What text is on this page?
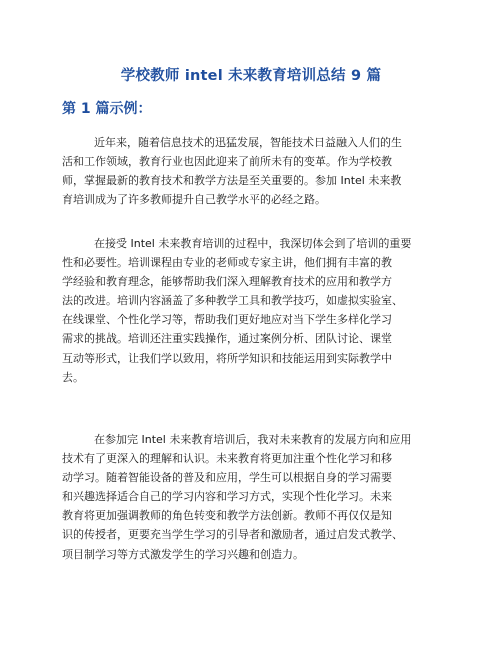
学校教师 intel 未来教育培训总结 9 篇
第 1 篇示例：

近年来，随着信息技术的迅猛发展，智能技术日益融入人们的生
活和工作领域，教育行业也因此迎来了前所未有的变革。作为学校教
师，掌握最新的教育技术和教学方法是至关重要的。参加 Intel 未来教
育培训成为了许多教师提升自己教学水平的必经之路。

在接受 Intel 未来教育培训的过程中，我深切体会到了培训的重要
性和必要性。培训课程由专业的老师或专家主讲，他们拥有丰富的教
学经验和教育理念，能够帮助我们深入理解教育技术的应用和教学方
法的改进。培训内容涵盖了多种教学工具和教学技巧，如虚拟实验室、
在线课堂、个性化学习等，帮助我们更好地应对当下学生多样化学习
需求的挑战。培训还注重实践操作，通过案例分析、团队讨论、课堂
互动等形式，让我们学以致用，将所学知识和技能运用到实际教学中
去。

在参加完 Intel 未来教育培训后，我对未来教育的发展方向和应用
技术有了更深入的理解和认识。未来教育将更加注重个性化学习和移
动学习。随着智能设备的普及和应用，学生可以根据自身的学习需要
和兴趣选择适合自己的学习内容和学习方式，实现个性化学习。未来
教育将更加强调教师的角色转变和教学方法创新。教师不再仅仅是知
识的传授者，更要充当学生学习的引导者和激励者，通过启发式教学、
项目制学习等方式激发学生的学习兴趣和创造力。
